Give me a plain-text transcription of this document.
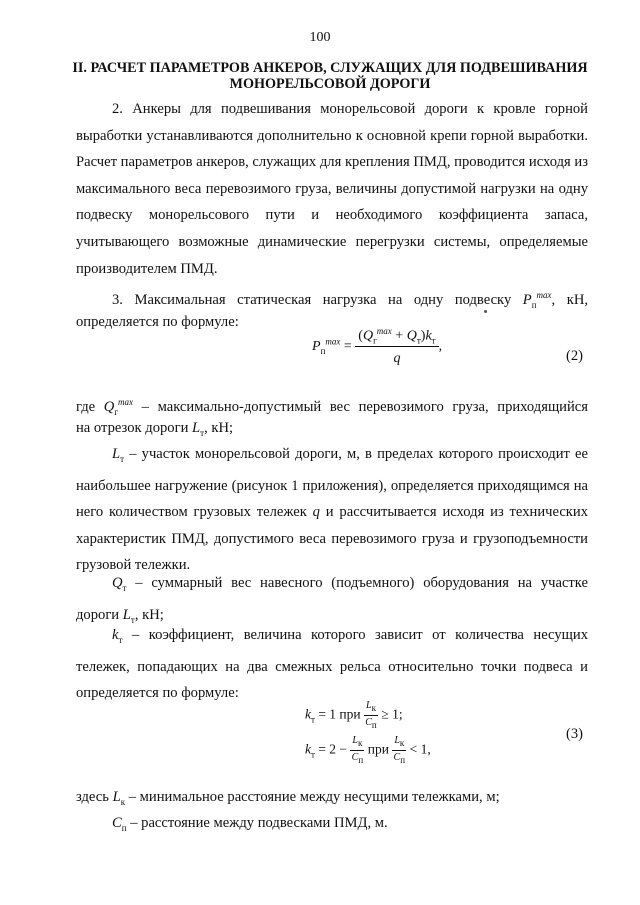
100
II. РАСЧЕТ ПАРАМЕТРОВ АНКЕРОВ, СЛУЖАЩИХ ДЛЯ ПОДВЕШИВАНИЯ
МОНОРЕЛЬСОВОЙ ДОРОГИ
2. Анкеры для подвешивания монорельсовой дороги к кровле горной выработки устанавливаются дополнительно к основной крепи горной выработки. Расчет параметров анкеров, служащих для крепления ПМД, проводится исходя из максимального веса перевозимого груза, величины допустимой нагрузки на одну подвеску монорельсового пути и необходимого коэффициента запаса, учитывающего возможные динамические перегрузки системы, определяемые производителем ПМД.
3. Максимальная статическая нагрузка на одну подвеску $P_п^{max}$, кН,
определяется по формуле:
$P_п^{max} = \frac{(Q_г^{max} + Q_т)k_т}{q}$ ,
(2)
где $Q_г^{max}$ – максимально-допустимый вес перевозимого груза, приходящийся
на отрезок дороги $L_т$, кН;
$L_т$ – участок монорельсовой дороги, м, в пределах которого происходит ее наибольшее нагружение (рисунок 1 приложения), определяется приходящимся на него количеством грузовых тележек q и рассчитывается исходя из технических характеристик ПМД, допустимого веса перевозимого груза и грузоподъемности грузовой тележки.
$Q_т$ – суммарный вес навесного (подъемного) оборудования на участке дороги $L_т$, кН;
$k_т$ – коэффициент, величина которого зависит от количества несущих тележек, попадающих на два смежных рельса относительно точки подвеса и определяется по формуле:
$k_т = 1$ при $\frac{L_к}{C_п} \ge 1$;
$k_т = 2 - \frac{L_к}{C_п}$ при $\frac{L_к}{C_п} < 1$,
(3)
здесь $L_к$ – минимальное расстояние между несущими тележками, м;
$C_п$ – расстояние между подвесками ПМД, м.
